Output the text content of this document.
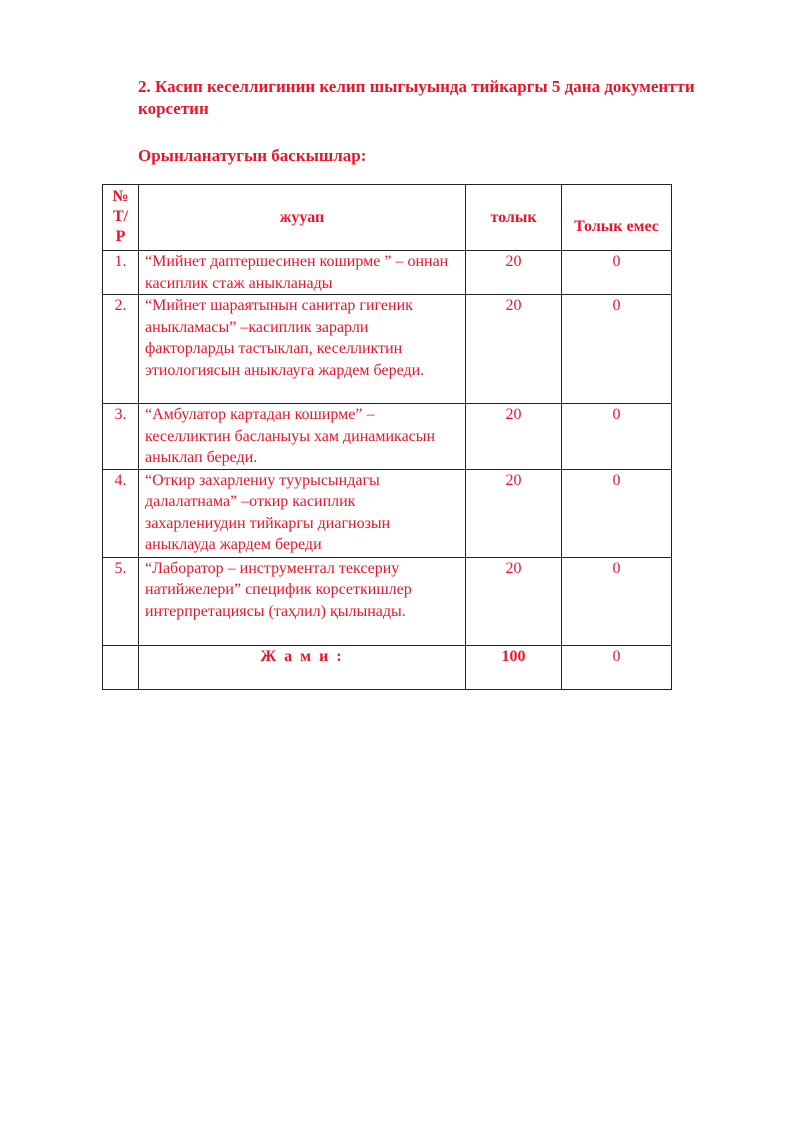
2. Касип кеселлигинин келип шыгыуында тийкаргы 5 дана документти корсетин
Орынланатугын баскышлар:
№ Т/Р	жууап	толык	Толык емес
1.	“Мийнет даптершесинен коширме ” – оннан касиплик стаж аныкланады	20	0
2.	“Мийнет шараятынын санитар гигеник аныкламасы” –касиплик зарарли факторларды тастыклап, кеселликтин этиологиясын аныклауга жардем береди.	20	0
3.	“Амбулатор картадан коширме” – кеселликтин басланыуы хам динамикасын аныклап береди.	20	0
4.	“Откир захарлениу туурысындагы далалатнама” –откир касиплик захарлениудин тийкаргы диагнозын аныклауда жардем береди	20	0
5.	“Лаборатор – инструментал тексериу натийжелери” специфик корсеткишлер интерпретациясы (таҳлил) қылынады.	20	0
	Ж а м и :	100	0
